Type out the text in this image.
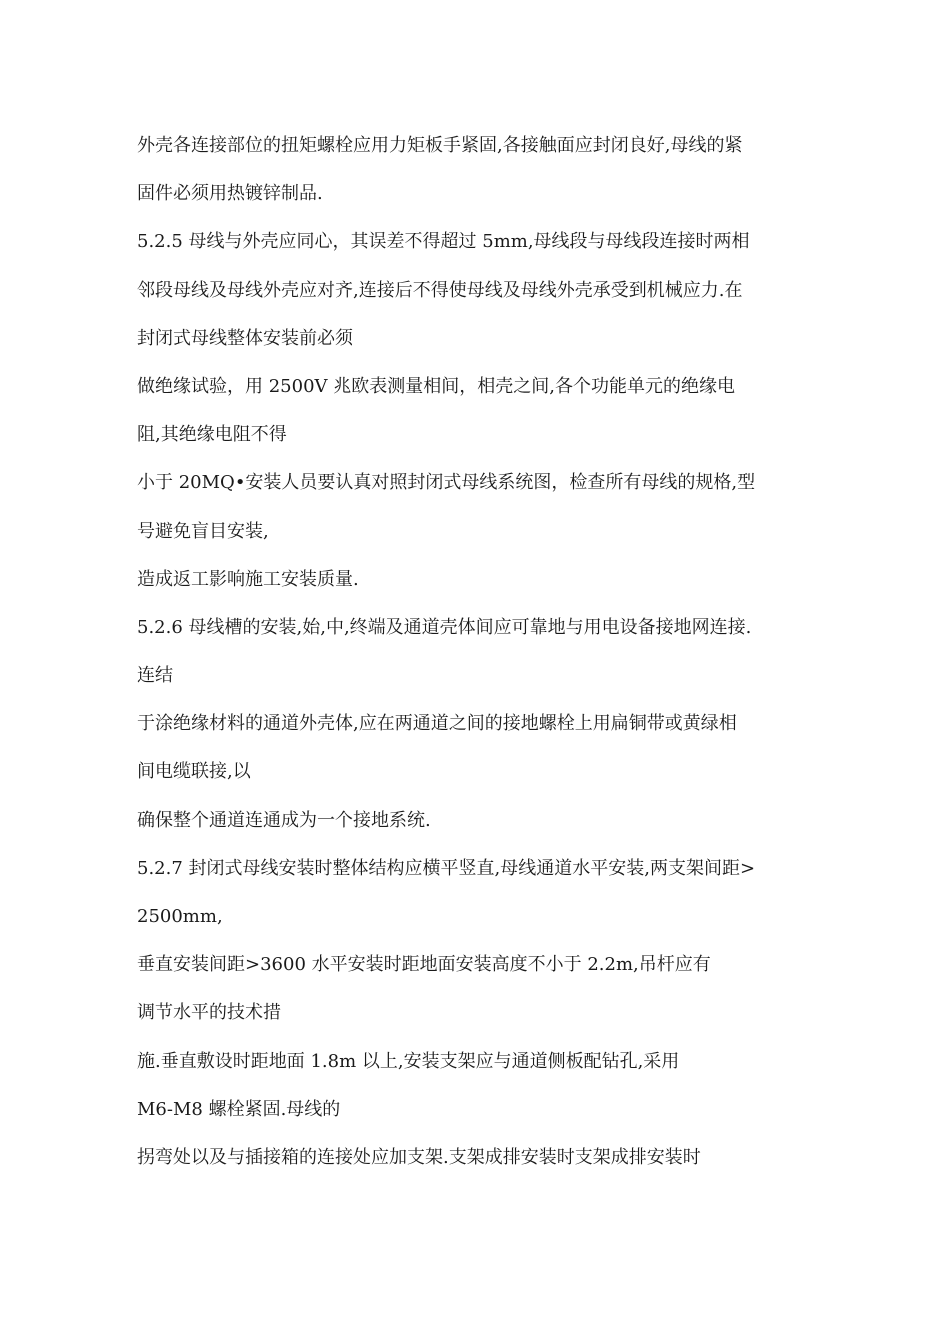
外壳各连接部位的扭矩螺栓应用力矩板手紧固,各接触面应封闭良好,母线的紧
固件必须用热镀锌制品.
5.2.5 母线与外壳应同心，其误差不得超过 5mm,母线段与母线段连接时两相
邻段母线及母线外壳应对齐,连接后不得使母线及母线外壳承受到机械应力.在
封闭式母线整体安装前必须
做绝缘试验，用 2500V 兆欧表测量相间，相壳之间,各个功能单元的绝缘电
阻,其绝缘电阻不得
小于 20MQ•安装人员要认真对照封闭式母线系统图，检查所有母线的规格,型
号避免盲目安装,
造成返工影响施工安装质量.
5.2.6 母线槽的安装,始,中,终端及通道壳体间应可靠地与用电设备接地网连接.
连结
于涂绝缘材料的通道外壳体,应在两通道之间的接地螺栓上用扁铜带或黄绿相
间电缆联接,以
确保整个通道连通成为一个接地系统.
5.2.7 封闭式母线安装时整体结构应横平竖直,母线通道水平安装,两支架间距>
2500mm,
垂直安装间距>3600 水平安装时距地面安装高度不小于 2.2m,吊杆应有
调节水平的技术措
施.垂直敷设时距地面 1.8m 以上,安装支架应与通道侧板配钻孔,采用
M6-M8 螺栓紧固.母线的
拐弯处以及与插接箱的连接处应加支架.支架成排安装时支架成排安装时
